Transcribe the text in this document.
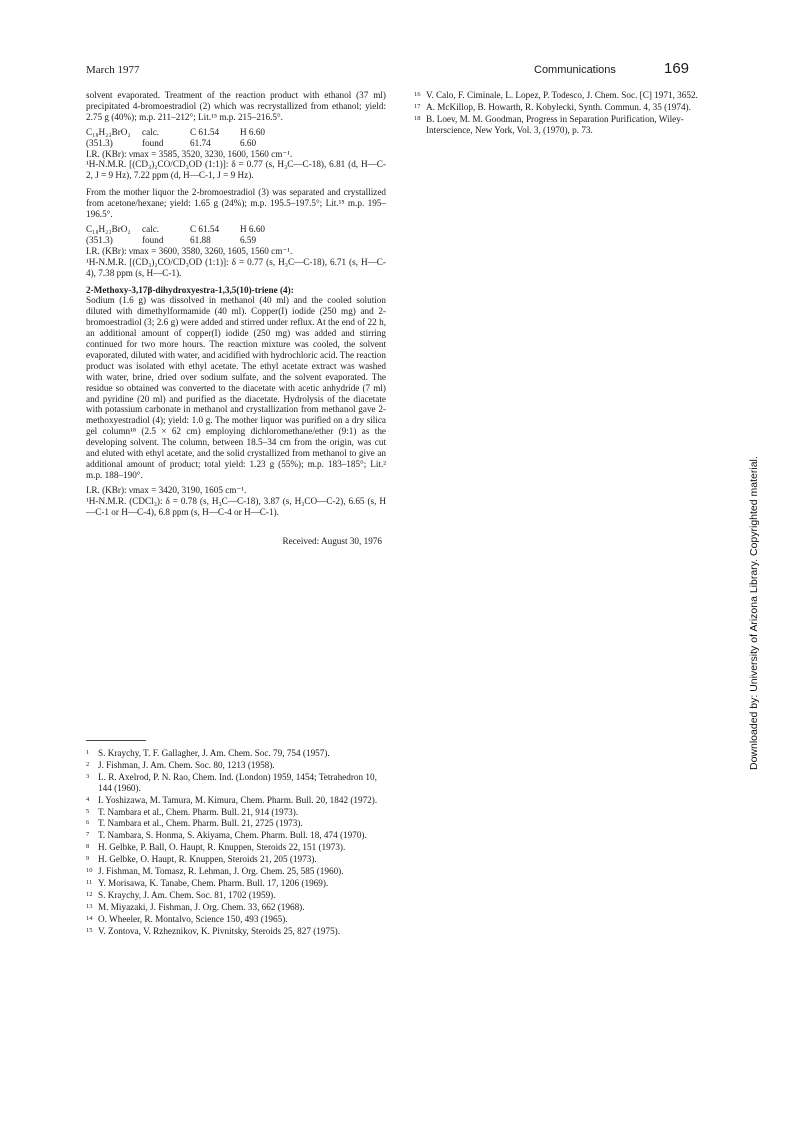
March 1977	Communications	169

solvent evaporated. Treatment of the reaction product with ethanol (37 ml) precipitated 4-bromoestradiol (2) which was recrystallized from ethanol; yield: 2.75 g (40%); m.p. 211–212°; Lit.¹⁵ m.p. 215–216.5°.

C₁₈H₂₃BrO₂	calc.	C 61.54	H 6.60
(351.3)	found	61.74	6.60

I.R. (KBr): νmax = 3585, 3520, 3230, 1600, 1560 cm⁻¹.

¹H-N.M.R. [(CD₃)₂CO/CD₃OD (1:1)]: δ = 0.77 (s, H₃C—C-18), 6.81 (d, H—C-2, J = 9 Hz), 7.22 ppm (d, H—C-1, J = 9 Hz).

From the mother liquor the 2-bromoestradiol (3) was separated and crystallized from acetone/hexane; yield: 1.65 g (24%); m.p. 195.5–197.5°; Lit.¹⁵ m.p. 195–196.5°.

C₁₈H₂₃BrO₂	calc.	C 61.54	H 6.60
(351.3)	found	61.88	6.59

I.R. (KBr): νmax = 3600, 3580, 3260, 1605, 1560 cm⁻¹.

¹H-N.M.R. [(CD₃)₂CO/CD₃OD (1:1)]: δ = 0.77 (s, H₃C—C-18), 6.71 (s, H—C-4), 7.38 ppm (s, H—C-1).

2-Methoxy-3,17β-dihydroxyestra-1,3,5(10)-triene (4):

Sodium (1.6 g) was dissolved in methanol (40 ml) and the cooled solution diluted with dimethylformamide (40 ml). Copper(I) iodide (250 mg) and 2-bromoestradiol (3; 2.6 g) were added and stirred under reflux. At the end of 22 h, an additional amount of copper(I) iodide (250 mg) was added and stirring continued for two more hours. The reaction mixture was cooled, the solvent evaporated, diluted with water, and acidified with hydrochloric acid. The reaction product was isolated with ethyl acetate. The ethyl acetate extract was washed with water, brine, dried over sodium sulfate, and the solvent evaporated. The residue so obtained was converted to the diacetate with acetic anhydride (7 ml) and pyridine (20 ml) and purified as the diacetate. Hydrolysis of the diacetate with potassium carbonate in methanol and crystallization from methanol gave 2-methoxyestradiol (4); yield: 1.0 g. The mother liquor was purified on a dry silica gel column¹⁸ (2.5 × 62 cm) employing dichloromethane/ether (9:1) as the developing solvent. The column, between 18.5–34 cm from the origin, was cut and eluted with ethyl acetate, and the solid crystallized from methanol to give an additional amount of product; total yield: 1.23 g (55%); m.p. 183–185°; Lit.² m.p. 188–190°.

I.R. (KBr): νmax = 3420, 3190, 1605 cm⁻¹.

¹H-N.M.R. (CDCl₃): δ = 0.78 (s, H₃C—C-18), 3.87 (s, H₃CO—C-2), 6.65 (s, H—C-1 or H—C-4), 6.8 ppm (s, H—C-4 or H—C-1).

Received: August 30, 1976

16 V. Calo, F. Ciminale, L. Lopez, P. Todesco, J. Chem. Soc. [C] 1971, 3652.
17 A. McKillop, B. Howarth, R. Kobylecki, Synth. Commun. 4, 35 (1974).
18 B. Loev, M. M. Goodman, Progress in Separation Purification, Wiley-Interscience, New York, Vol. 3, (1970), p. 73.
1 S. Kraychy, T. F. Gallagher, J. Am. Chem. Soc. 79, 754 (1957).
2 J. Fishman, J. Am. Chem. Soc. 80, 1213 (1958).
3 L. R. Axelrod, P. N. Rao, Chem. Ind. (London) 1959, 1454; Tetrahedron 10, 144 (1960).
4 I. Yoshizawa, M. Tamura, M. Kimura, Chem. Pharm. Bull. 20, 1842 (1972).
5 T. Nambara et al., Chem. Pharm. Bull. 21, 914 (1973).
6 T. Nambara et al., Chem. Pharm. Bull. 21, 2725 (1973).
7 T. Nambara, S. Honma, S. Akiyama, Chem. Pharm. Bull. 18, 474 (1970).
8 H. Gelbke, P. Ball, O. Haupt, R. Knuppen, Steroids 22, 151 (1973).
9 H. Gelbke, O. Haupt, R. Knuppen, Steroids 21, 205 (1973).
10 J. Fishman, M. Tomasz, R. Lehman, J. Org. Chem. 25, 585 (1960).
11 Y. Morisawa, K. Tanabe, Chem. Pharm. Bull. 17, 1206 (1969).
12 S. Kraychy, J. Am. Chem. Soc. 81, 1702 (1959).
13 M. Miyazaki, J. Fishman, J. Org. Chem. 33, 662 (1968).
14 O. Wheeler, R. Montalvo, Science 150, 493 (1965).
15 V. Zontova, V. Rzheznikov, K. Pivnitsky, Steroids 25, 827 (1975).
Downloaded by: University of Arizona Library. Copyrighted material.
